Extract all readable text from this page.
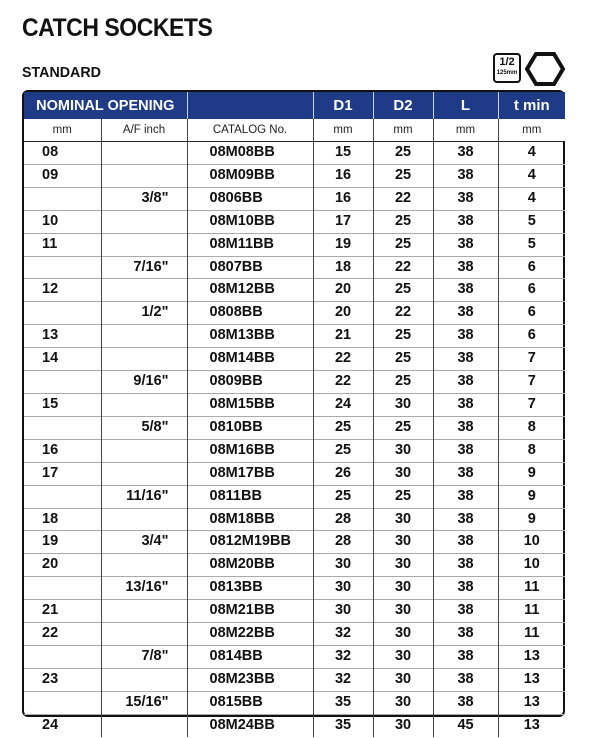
CATCH SOCKETS
STANDARD
1/2
125mm
NOMINAL OPENING			D1	D2	L	t min
mm	A/F inch	CATALOG No.	mm	mm	mm	mm
08		08M08BB	15	25	38	4
09		08M09BB	16	25	38	4
	3/8"	0806BB	16	22	38	4
10		08M10BB	17	25	38	5
11		08M11BB	19	25	38	5
	7/16"	0807BB	18	22	38	6
12		08M12BB	20	25	38	6
	1/2"	0808BB	20	22	38	6
13		08M13BB	21	25	38	6
14		08M14BB	22	25	38	7
	9/16"	0809BB	22	25	38	7
15		08M15BB	24	30	38	7
	5/8"	0810BB	25	25	38	8
16		08M16BB	25	30	38	8
17		08M17BB	26	30	38	9
	11/16"	0811BB	25	25	38	9
18		08M18BB	28	30	38	9
19	3/4"	0812M19BB	28	30	38	10
20		08M20BB	30	30	38	10
	13/16"	0813BB	30	30	38	11
21		08M21BB	30	30	38	11
22		08M22BB	32	30	38	11
	7/8"	0814BB	32	30	38	13
23		08M23BB	32	30	38	13
	15/16"	0815BB	35	30	38	13
24		08M24BB	35	30	45	13
